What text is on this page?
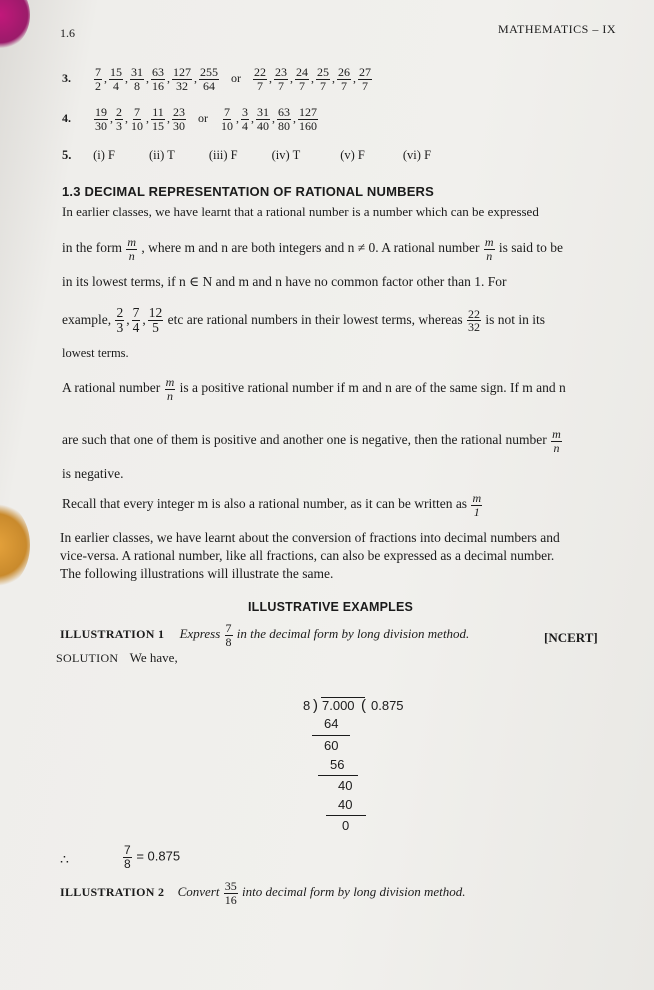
1.6	MATHEMATICS – IX
3. $\frac{7}{2}$ , $\frac{15}{4}$ , $\frac{31}{8}$ , $\frac{63}{16}$ , $\frac{127}{32}$ , $\frac{255}{64}$ or $\frac{22}{7}$ , $\frac{23}{7}$ , $\frac{24}{7}$ , $\frac{25}{7}$ , $\frac{26}{7}$ , $\frac{27}{7}$
4. $\frac{19}{30}$ , $\frac{2}{3}$ , $\frac{7}{10}$ , $\frac{11}{15}$ , $\frac{23}{30}$ or $\frac{7}{10}$ , $\frac{3}{4}$ , $\frac{31}{40}$ , $\frac{63}{80}$ , $\frac{127}{160}$
5. (i) F	(ii) T	(iii) F	(iv) T	(v) F	(vi) F
1.3 DECIMAL REPRESENTATION OF RATIONAL NUMBERS
In earlier classes, we have learnt that a rational number is a number which can be expressed
in the form $\frac{m}{n}$ , where m and n are both integers and n ≠ 0. A rational number $\frac{m}{n}$ is said to be
in its lowest terms, if n ∈ N and m and n have no common factor other than 1. For
example, $\frac{2}{3}$ , $\frac{7}{4}$ , $\frac{12}{5}$ etc are rational numbers in their lowest terms, whereas $\frac{22}{32}$ is not in its
lowest terms.
A rational number $\frac{m}{n}$ is a positive rational number if m and n are of the same sign. If m and n
are such that one of them is positive and another one is negative, then the rational number $\frac{m}{n}$
is negative.
Recall that every integer m is also a rational number, as it can be written as $\frac{m}{1}$
In earlier classes, we have learnt about the conversion of fractions into decimal numbers and
vice-versa. A rational number, like all fractions, can also be expressed as a decimal number.
The following illustrations will illustrate the same.
ILLUSTRATIVE EXAMPLES
ILLUSTRATION 1 Express $\frac{7}{8}$ in the decimal form by long division method.	[NCERT]
SOLUTION We have,
8 ) 7.000 ( 0.875
64
60
56
40
40
0
∴	$\frac{7}{8} = 0.875$
ILLUSTRATION 2 Convert $\frac{35}{16}$ into decimal form by long division method.
